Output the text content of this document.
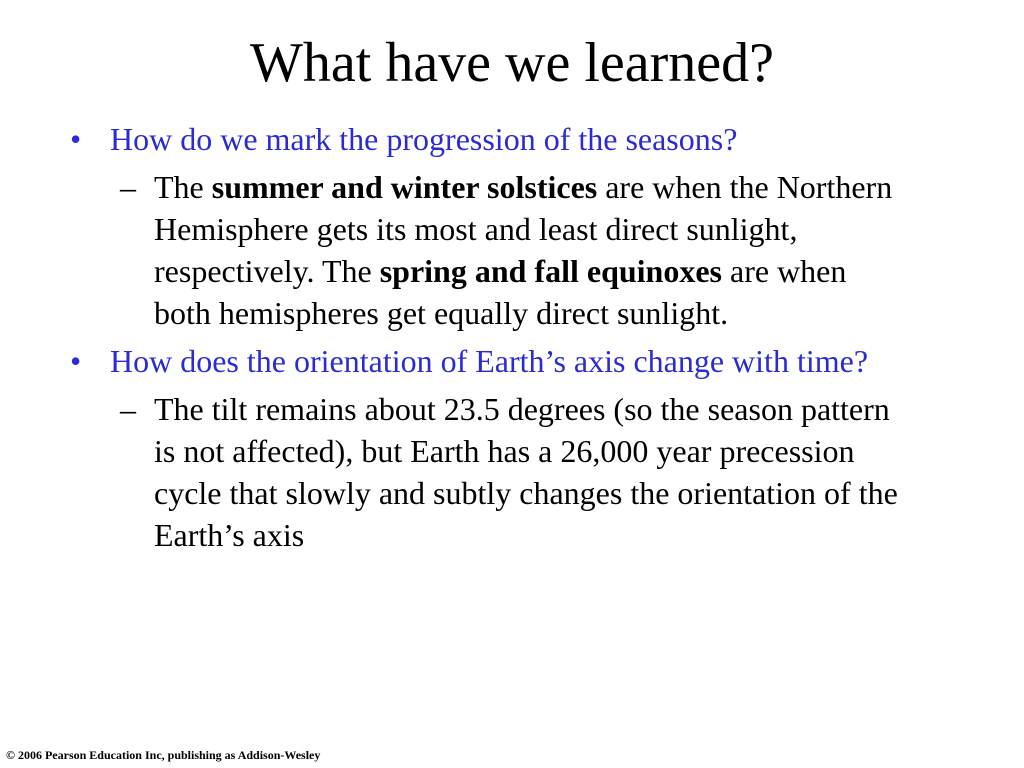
What have we learned?
• How do we mark the progression of the seasons?
– The summer and winter solstices are when the Northern Hemisphere gets its most and least direct sunlight, respectively. The spring and fall equinoxes are when both hemispheres get equally direct sunlight.
• How does the orientation of Earth’s axis change with time?
– The tilt remains about 23.5 degrees (so the season pattern is not affected), but Earth has a 26,000 year precession cycle that slowly and subtly changes the orientation of the Earth’s axis
© 2006 Pearson Education Inc, publishing as Addison-Wesley
